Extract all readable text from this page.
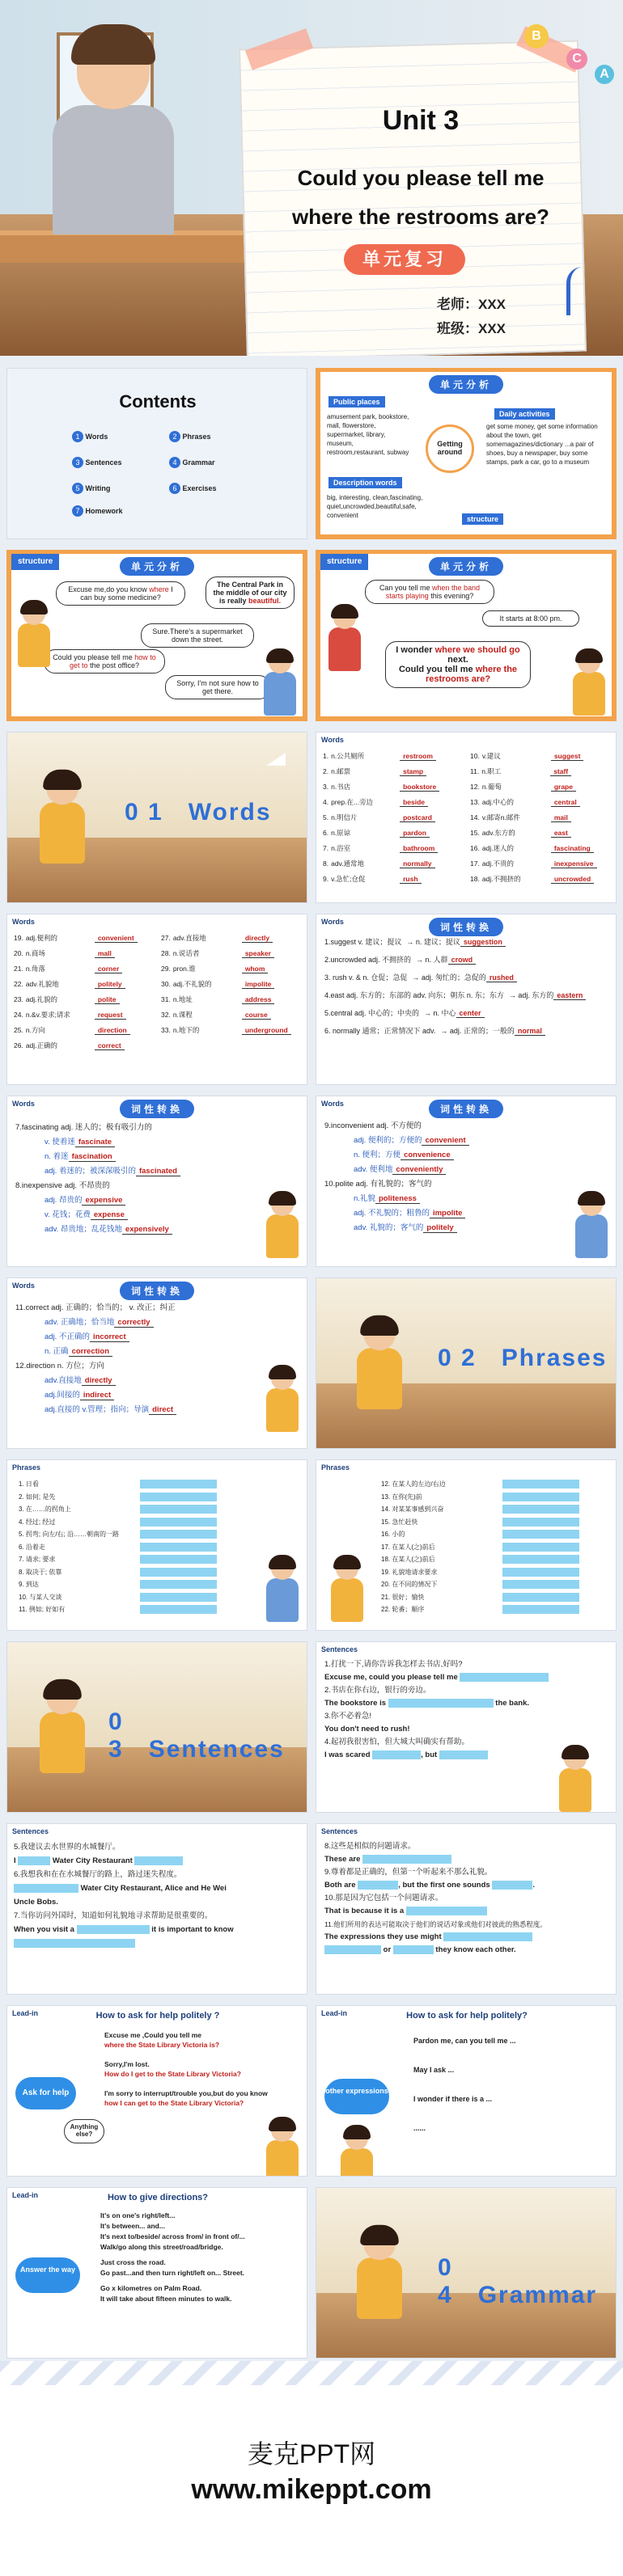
Unit 3
Could you please tell me
where the restrooms are?
单元复习
老师：XXX
班级：XXX
B
C
A
Contents
1 Words	2 Phrases
3 Sentences	4 Grammar
5 Writing	6 Exercises
7 Homework
单元分析
Public places
amusement park, bookstore, mall, flowerstore, supermarket, library, museum, restroom,restaurant, subway
Getting around
Daily activities
get some money, get some information about the town, get somemagazines/dictionary ...a pair of shoes, buy a newspaper, buy some stamps, park a car, go to a museum
Description words
big, interesting, clean,fascinating, quiet,uncrowded,beautiful,safe, convenient	structure
structure	单元分析
Excuse me,do you know where I can buy some medicine?
The Central Park in the middle of our city is really beautiful.
Sure.There's a supermarket down the street.
Could you please tell me how to get to the post office?
Sorry, I'm not sure how to get there.
structure	单元分析
Can you tell me when the band starts playing this evening?
It starts at 8:00 pm.
I wonder where we should go next.
Could you tell me where the restrooms are?
0 1 Words
Words
1. n.公共厕所	restroom
2. n.邮票	stamp
3. n.书店	bookstore
4. prep.在...旁边	beside
5. n.明信片	postcard
6. n.原谅	pardon
7. n.浴室	bathroom
8. adv.通常地	normally
9. v.急忙;仓促	rush
10. v.建议	suggest
11. n.职工	staff
12. n.葡萄	grape
13. adj.中心的	central
14. v.邮寄n.邮件	mail
15. adv.东方的	east
16. adj.迷人的	fascinating
17. adj.不贵的	inexpensive
18. adj.不拥挤的	uncrowded
Words
19. adj.便利的	convenient
20. n.商场	mall
21. n.角落	corner
22. adv.礼貌地	politely
23. adj.礼貌的	polite
24. n.&v.要求;请求	request
25. n.方向	direction
26. adj.正确的	correct
27. adv.直接地	directly
28. n.说话者	speaker
29. pron.谁	whom
30. adj.不礼貌的	impolite
31. n.地址	address
32. n.课程	course
33. n.地下的	underground
Words	词性转换
1.suggest v. 建议；提议 → n. 建议；提议 suggestion
2.uncrowded adj. 不拥挤的 → n. 人群 crowd
3. rush v. & n. 仓促；急促 → adj. 匆忙的；急促的 rushed
4.east adj. 东方的；东部的 adv. 向东；朝东 n. 东；东方 → adj. 东方的 eastern
5.central adj. 中心的；中央的 → n. 中心 center
6. normally 通常；正常情况下 adv. → adj. 正常的；一般的 normal
Words	词性转换
7.fascinating adj. 迷人的；极有吸引力的
v. 使着迷 fascinate
n. 着迷 fascination
adj. 着迷的；被深深吸引的 fascinated
8.inexpensive adj. 不昂贵的
adj. 昂贵的 expensive
v. 花钱；花费 expense
adv. 昂贵地；乱花钱地 expensively
Words	词性转换
9.inconvenient adj. 不方便的
adj. 便利的；方便的 convenient
n. 便利；方便 convenience
adv. 便利地 conveniently
10.polite adj. 有礼貌的；客气的
n.礼貌 politeness
adj. 不礼貌的；粗鲁的 impolite
adv. 礼貌的；客气的 politely
Words	词性转换
11.correct adj. 正确的；恰当的； v. 改正；纠正
adv. 正确地；恰当地 correctly
adj. 不正确的 incorrect
n. 正确 correction
12.direction n. 方位；方向
adv.直接地 directly
adj.间接的 indirect
adj.直接的 v.管理；指向；导演 direct
0 2 Phrases
Phrases
1. 日看
2. 如何; 是先
3. 在……的拐角上
4. 经过; 经过
5. 拐弯; 向左/右; 沿……朝南的一路
6. 沿着走
7. 请求; 要求
8. 取决于; 依靠
9. 到达
10. 与某人交谈
11. 例如; 好如有
Phrases
12. 在某人的左边/右边
13. 在你(先)前
14. 对某某事感到兴奋
15. 急忙赶快
16. 小的
17. 在某人(之)前后
18. 在某人(之)前后
19. 礼貌地请求要求
20. 在不同的情况下
21. 很好；愉快
22. 轮番；顺序
0 3 Sentences
Sentences
1.打扰一下,请你告诉我怎样去书店,好吗?
Excuse me, could you please tell me
2.书店在你右边，银行的旁边。
The bookstore is	the bank.
3.你不必着急!
You don't need to rush!
4.起初我很害怕，但大城大叫确实有帮助。
I was scared	, but
Sentences
5.我建议去水世界的水城餐厅。
I	Water City Restaurant
6.我想我和在在水城餐厅的路上，路过迷失程度。
Water City Restaurant, Alice and He Wei
Uncle Bobs.
7.当你访问外国时，知道如何礼貌地寻求帮助是很重要的。
When you visit a	it is important to know
Sentences
8.这些是相似的问题请求。
These are
9.尊着都是正确的，但第一个听起来不那么礼貌。
Both are	, but the first one sounds	.
10.那是因为它包括一个问题请求。
That is because it is a
11.他们所用的表达可能取决于他们的说话对象或他们对彼此的熟悉程度。
The expressions they use might
or	they know each other.
Lead-in	How to ask for help politely ?
Ask for help
Anything else?
Excuse me ,Could you tell me
where the State Library Victoria is?

Sorry,I'm lost.
How do I get to the State Library Victoria?

I'm sorry to interrupt/trouble you,but do you know
how I can get to the State Library Victoria?
Lead-in	How to ask for help politely?
other expressions
Pardon me, can you tell me ...

May I ask ...

I wonder if there is a ...

......
Lead-in	How to give directions?
Answer the way
It's on one's right/left...
It's between... and...
It's next to/beside/ across from/ in front of/...
Walk/go along this street/road/bridge.
Just cross the road.
Go past...and then turn right/left on... Street.
Go x kilometres on Palm Road.
It will take about fifteen minutes to walk.
0 4 Grammar
麦克PPT网
www.mikeppt.com
